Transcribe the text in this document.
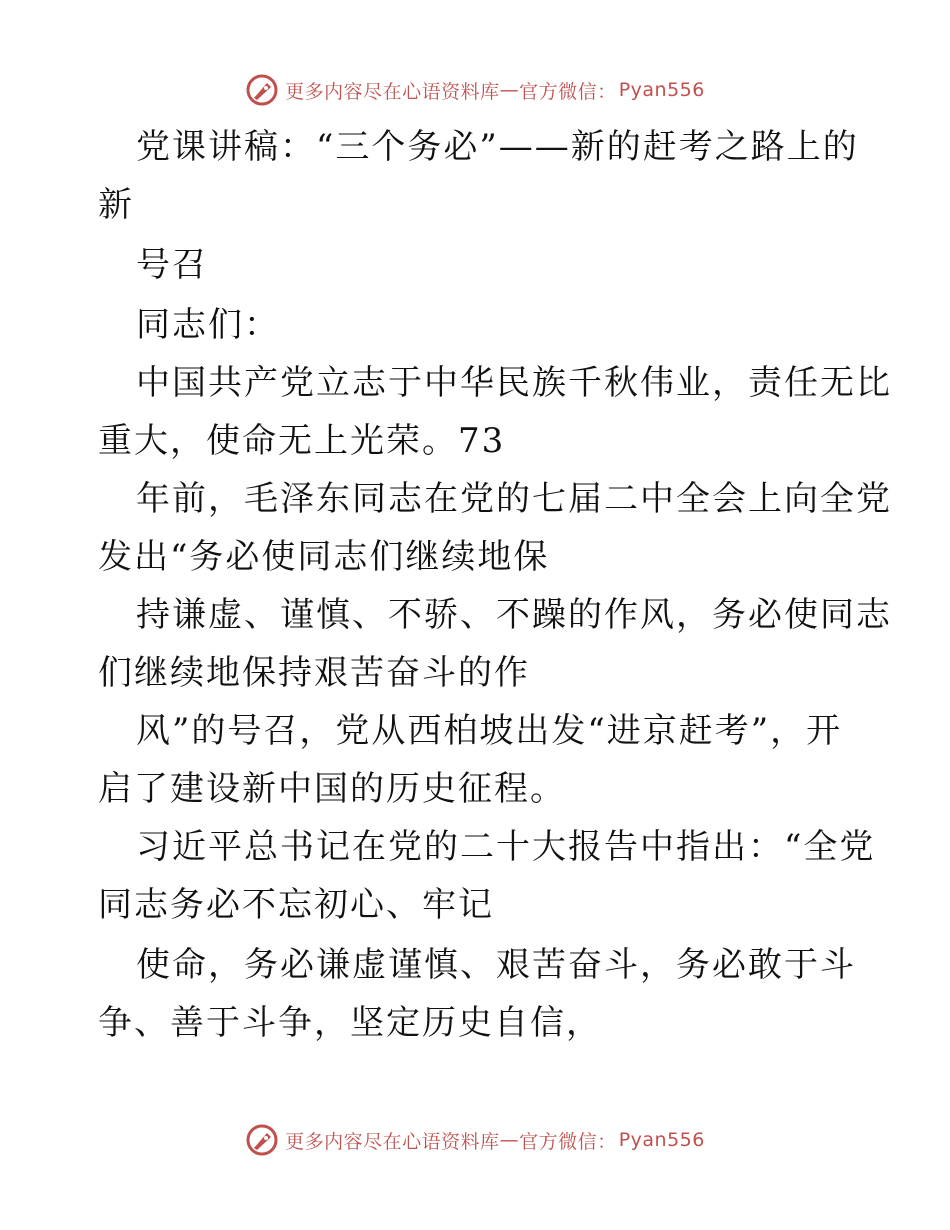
更多内容尽在心语资料库 — 官方微信： Pyan556
党课讲稿：“三个务必”——新的赶考之路上的
新
号召
同志们：
中国共产党立志于中华民族千秋伟业，责任无比
重大，使命无上光荣。73
年前，毛泽东同志在党的七届二中全会上向全党
发出“务必使同志们继续地保
持谦虚、谨慎、不骄、不躁的作风，务必使同志
们继续地保持艰苦奋斗的作
风”的号召，党从西柏坡出发“进京赶考”，开
启了建设新中国的历史征程。
习近平总书记在党的二十大报告中指出：“全党
同志务必不忘初心、牢记
使命，务必谦虚谨慎、艰苦奋斗，务必敢于斗
争、善于斗争，坚定历史自信，
更多内容尽在心语资料库 — 官方微信： Pyan556
